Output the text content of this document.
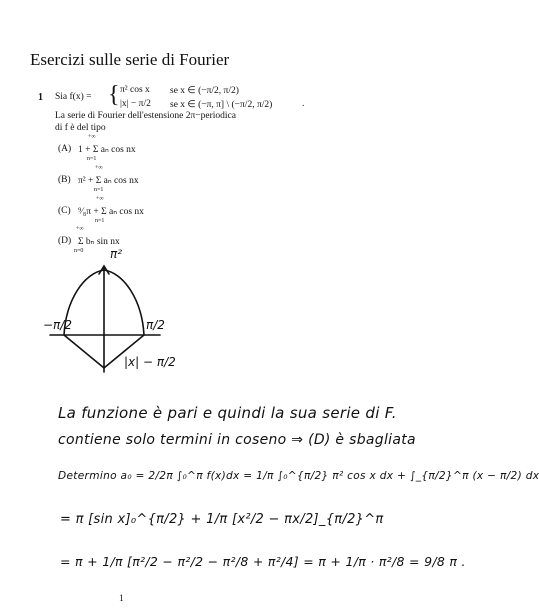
Esercizi sulle serie di Fourier
1 Sia f(x) = { π² cos x se x ∈ (−π/2, π/2)
|x| − π/2 se x ∈ (−π, π] \ (−π/2, π/2)	.
La serie di Fourier dell'estensione 2π−periodica
di f è del tipo
(A) 1 + Σ aₙ cos nx
+∞
n=1
(B) π² + Σ aₙ cos nx
+∞
n=1
(C) ⁹⁄₈π + Σ aₙ cos nx
+∞
n=1
(D) Σ bₙ sin nx
+∞
n=0 π²
−π/2	π/2
|x| − π/2
La funzione è pari e quindi la sua serie di F.
contiene solo termini in coseno ⇒ (D) è sbagliata
Determino a₀ = 2/2π ∫₀^π f(x)dx = 1/π ∫₀^{π/2} π² cos x dx + ∫_{π/2}^π (x − π/2) dx
= π [sin x]₀^{π/2} + 1/π [x²/2 − πx/2]_{π/2}^π
= π + 1/π [π²/2 − π²/2 − π²/8 + π²/4] = π + 1/π · π²/8 = 9/8 π .
1
